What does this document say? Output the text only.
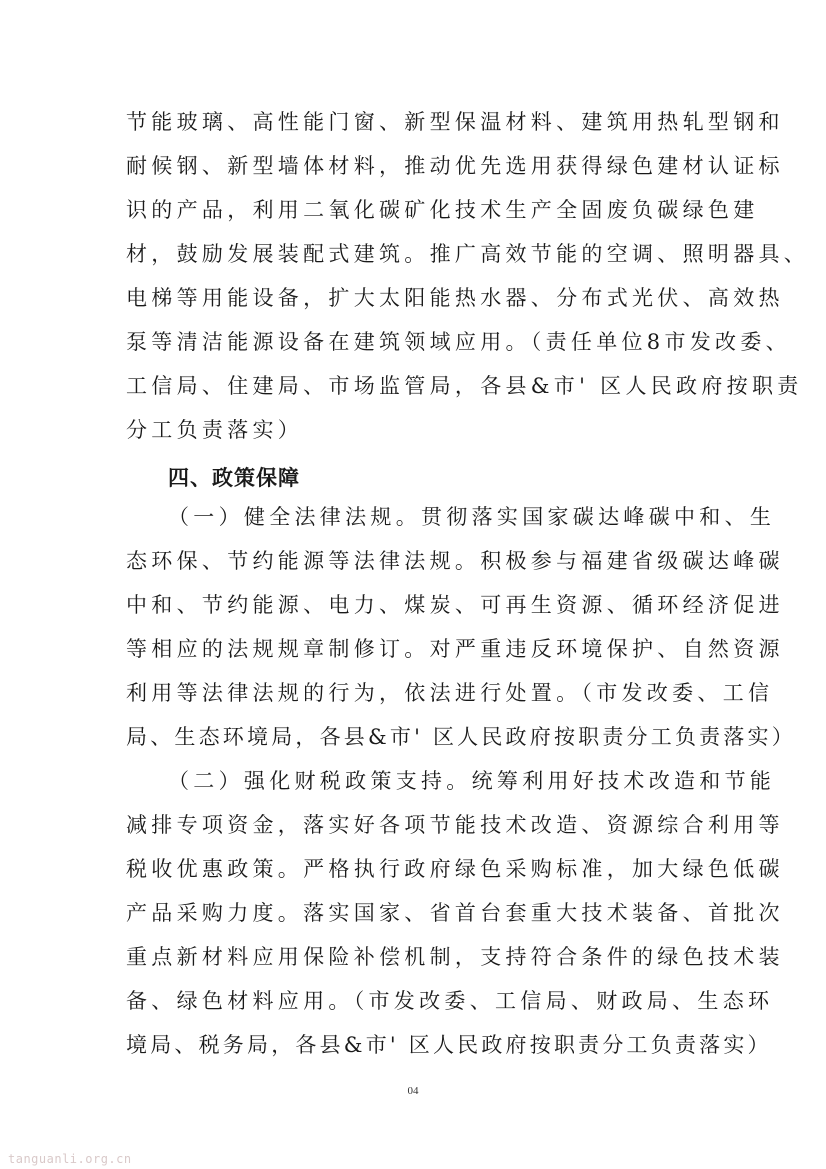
节能玻璃、高性能门窗、新型保温材料、建筑用热轧型钢和
耐候钢、新型墙体材料，推动优先选用获得绿色建材认证标
识的产品，利用二氧化碳矿化技术生产全固废负碳绿色建
材，鼓励发展装配式建筑。推广高效节能的空调、照明器具、
电梯等用能设备，扩大太阳能热水器、分布式光伏、高效热
泵等清洁能源设备在建筑领域应用。（责任单位8市发改委、
工信局、住建局、市场监管局，各县&市' 区人民政府按职责
分工负责落实）
四、政策保障
（一）健全法律法规。贯彻落实国家碳达峰碳中和、生
态环保、节约能源等法律法规。积极参与福建省级碳达峰碳
中和、节约能源、电力、煤炭、可再生资源、循环经济促进
等相应的法规规章制修订。对严重违反环境保护、自然资源
利用等法律法规的行为，依法进行处置。（市发改委、工信
局、生态环境局，各县&市' 区人民政府按职责分工负责落实）
（二）强化财税政策支持。统筹利用好技术改造和节能
减排专项资金，落实好各项节能技术改造、资源综合利用等
税收优惠政策。严格执行政府绿色采购标准，加大绿色低碳
产品采购力度。落实国家、省首台套重大技术装备、首批次
重点新材料应用保险补偿机制，支持符合条件的绿色技术装
备、绿色材料应用。（市发改委、工信局、财政局、生态环
境局、税务局，各县&市' 区人民政府按职责分工负责落实）
04
tanguanli.org.cn
